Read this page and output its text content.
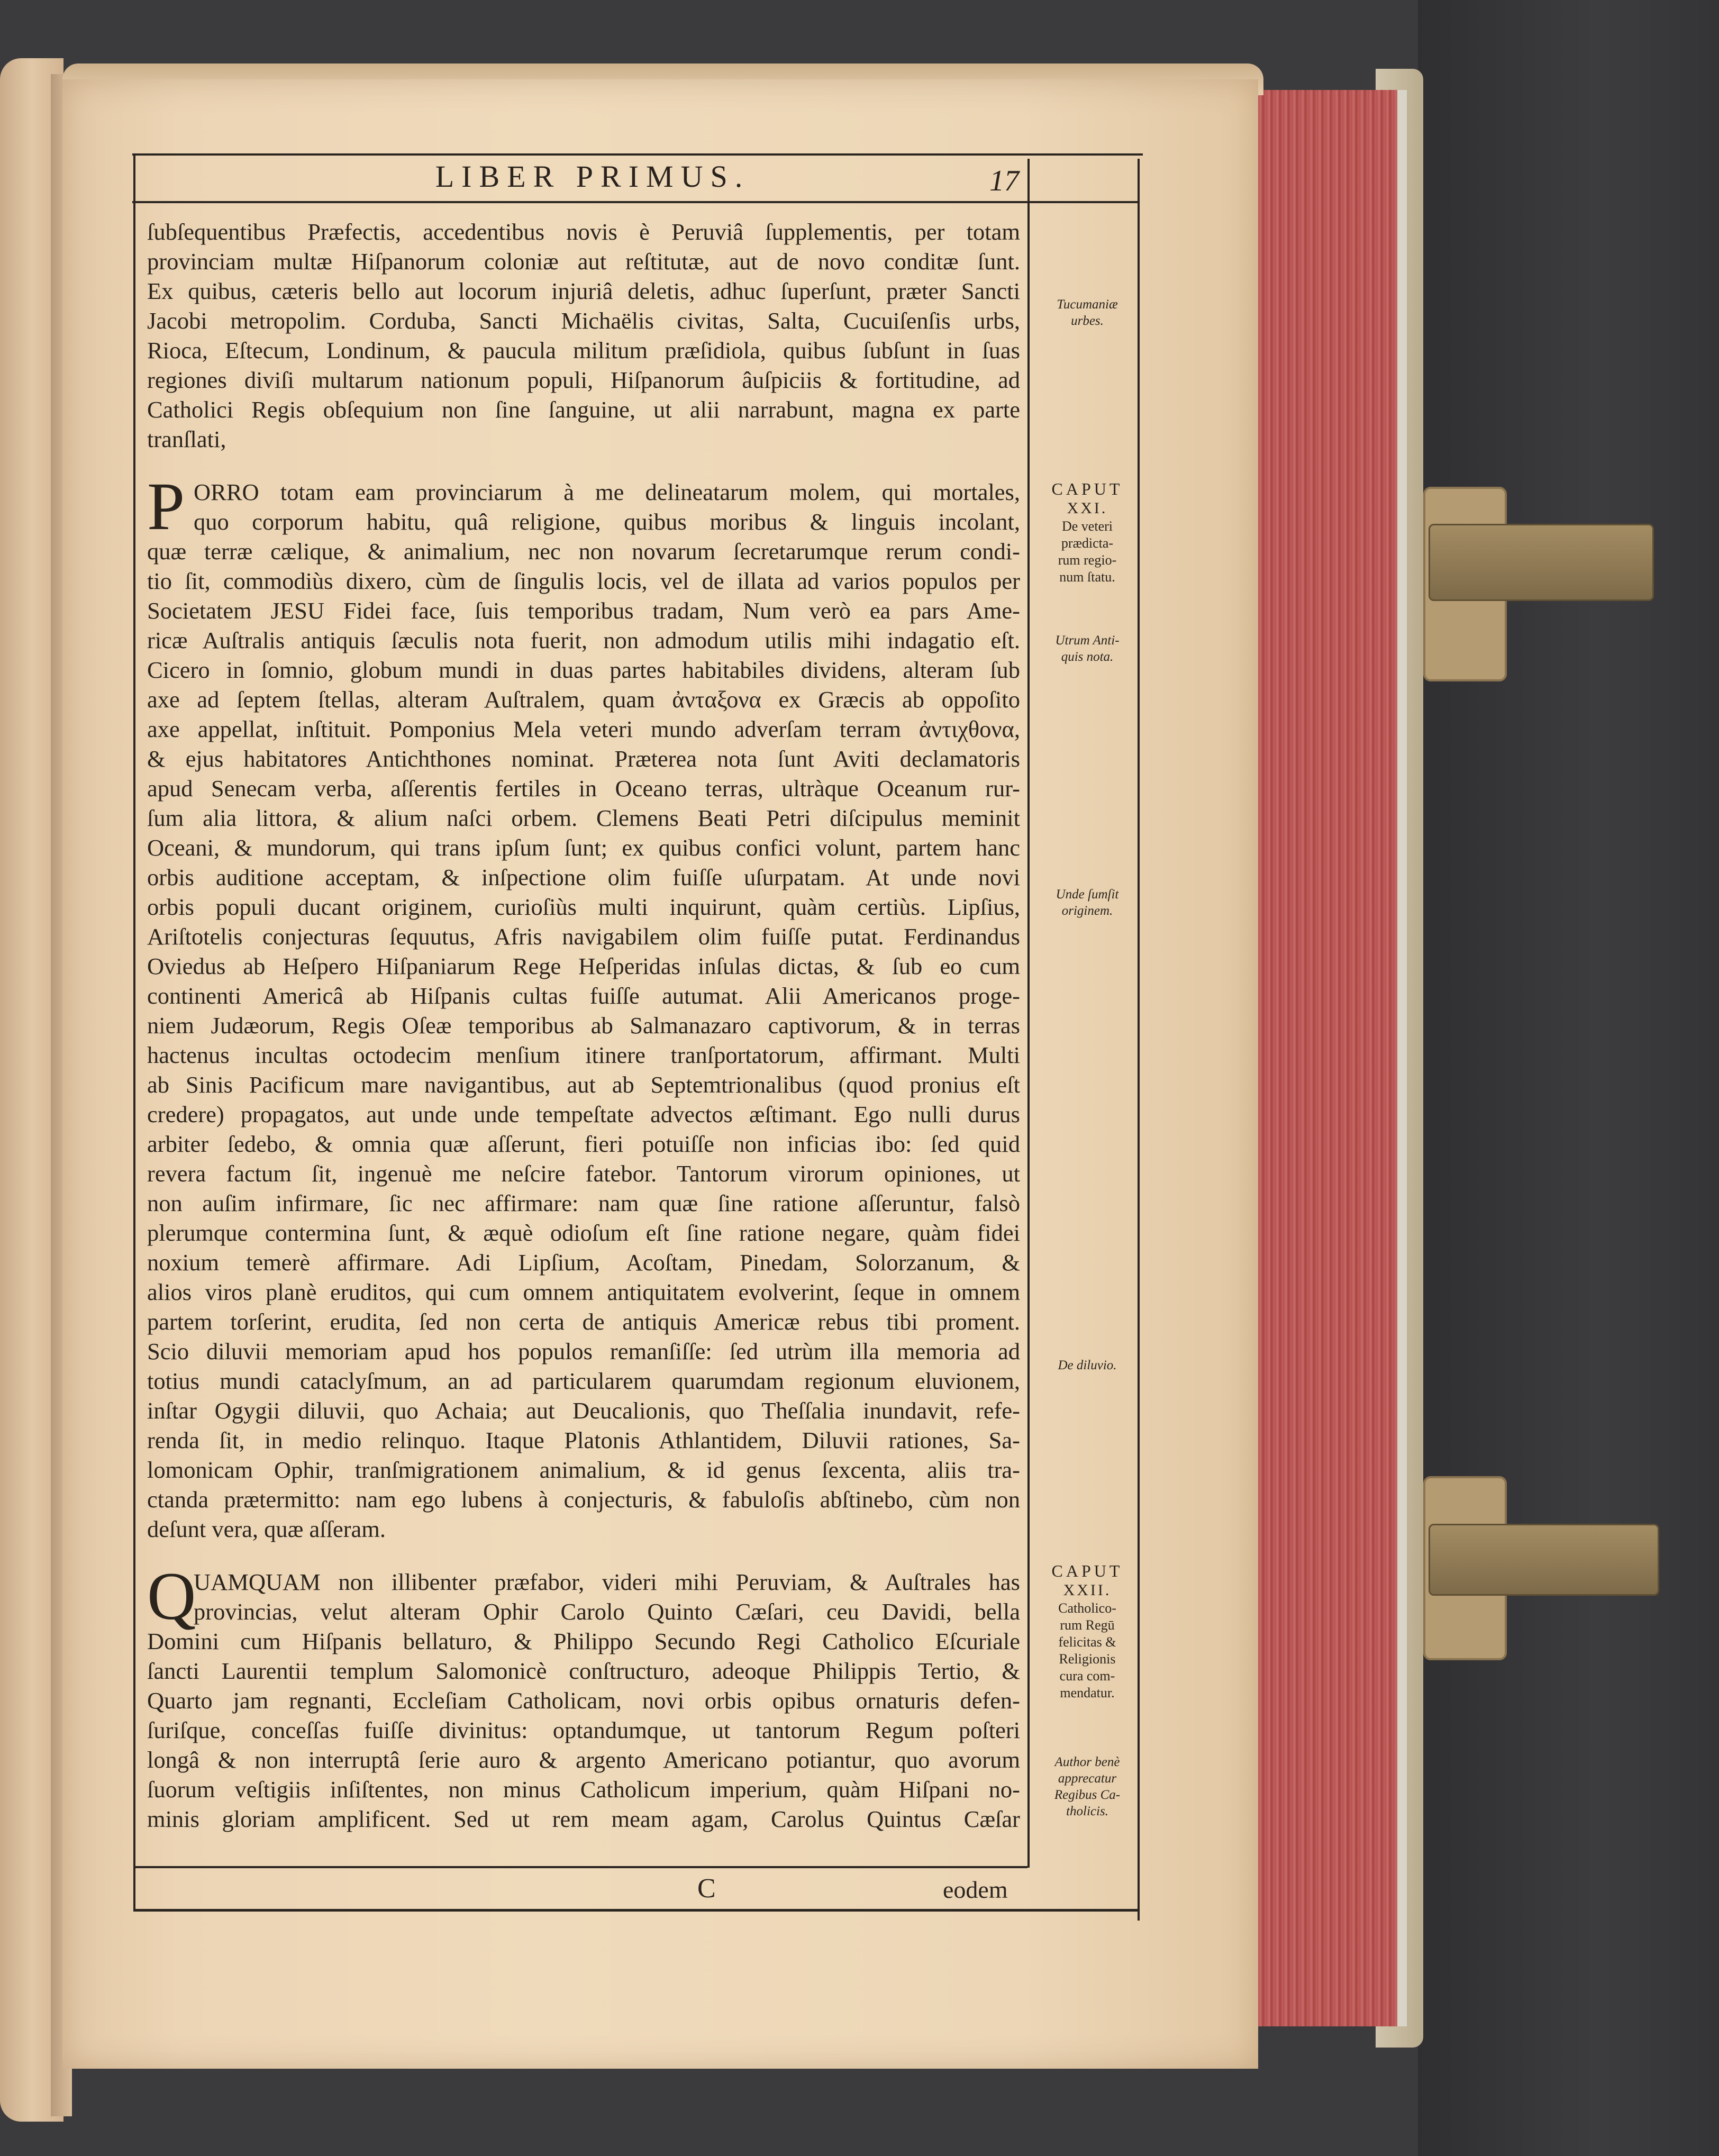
LIBER PRIMUS.	17
ſubſequentibus Præfectis, accedentibus novis è Peruviâ ſupplementis, per totam
provinciam multæ Hiſpanorum coloniæ aut reſtitutæ, aut de novo conditæ ſunt.
Ex quibus, cæteris bello aut locorum injuriâ deletis, adhuc ſuperſunt, præter Sancti
Jacobi metropolim. Corduba, Sancti Michaëlis civitas, Salta, Cucuiſenſis urbs,
Rioca, Eſtecum, Londinum, & paucula militum præſidiola, quibus ſubſunt in ſuas
regiones diviſi multarum nationum populi, Hiſpanorum âuſpiciis & fortitudine, ad
Catholici Regis obſequium non ſine ſanguine, ut alii narrabunt, magna ex parte
tranſlati,
P ORRO totam eam provinciarum à me delineatarum molem, qui mortales,
quo corporum habitu, quâ religione, quibus moribus & linguis incolant,
quæ terræ cælique, & animalium, nec non novarum ſecretarumque rerum condi-
tio ſit, commodiùs dixero, cùm de ſingulis locis, vel de illata ad varios populos per
Societatem JESU Fidei face, ſuis temporibus tradam, Num verò ea pars Ame-
ricæ Auſtralis antiquis ſæculis nota fuerit, non admodum utilis mihi indagatio eſt.
Cicero in ſomnio, globum mundi in duas partes habitabiles dividens, alteram ſub
axe ad ſeptem ſtellas, alteram Auſtralem, quam ἀνταξονα ex Græcis ab oppoſito
axe appellat, inſtituit. Pomponius Mela veteri mundo adverſam terram ἀντιχθονα,
& ejus habitatores Antichthones nominat. Præterea nota ſunt Aviti declamatoris
apud Senecam verba, aſſerentis fertiles in Oceano terras, ultràque Oceanum rur-
ſum alia littora, & alium naſci orbem. Clemens Beati Petri diſcipulus meminit
Oceani, & mundorum, qui trans ipſum ſunt; ex quibus confici volunt, partem hanc
orbis auditione acceptam, & inſpectione olim fuiſſe uſurpatam. At unde novi
orbis populi ducant originem, curioſiùs multi inquirunt, quàm certiùs. Lipſius,
Ariſtotelis conjecturas ſequutus, Afris navigabilem olim fuiſſe putat. Ferdinandus
Oviedus ab Heſpero Hiſpaniarum Rege Heſperidas inſulas dictas, & ſub eo cum
continenti Americâ ab Hiſpanis cultas fuiſſe autumat. Alii Americanos proge-
niem Judæorum, Regis Oſeæ temporibus ab Salmanazaro captivorum, & in terras
hactenus incultas octodecim menſium itinere tranſportatorum, affirmant. Multi
ab Sinis Pacificum mare navigantibus, aut ab Septemtrionalibus (quod pronius eſt
credere) propagatos, aut unde unde tempeſtate advectos æſtimant. Ego nulli durus
arbiter ſedebo, & omnia quæ aſſerunt, fieri potuiſſe non inficias ibo: ſed quid
revera factum ſit, ingenuè me neſcire fatebor. Tantorum virorum opiniones, ut
non auſim infirmare, ſic nec affirmare: nam quæ ſine ratione aſſeruntur, falsò
plerumque contermina ſunt, & æquè odioſum eſt ſine ratione negare, quàm fidei
noxium temerè affirmare. Adi Lipſium, Acoſtam, Pinedam, Solorzanum, &
alios viros planè eruditos, qui cum omnem antiquitatem evolverint, ſeque in omnem
partem torſerint, erudita, ſed non certa de antiquis Americæ rebus tibi proment.
Scio diluvii memoriam apud hos populos remanſiſſe: ſed utrùm illa memoria ad
totius mundi cataclyſmum, an ad particularem quarumdam regionum eluvionem,
inſtar Ogygii diluvii, quo Achaia; aut Deucalionis, quo Theſſalia inundavit, refe-
renda ſit, in medio relinquo. Itaque Platonis Athlantidem, Diluvii rationes, Sa-
lomonicam Ophir, tranſmigrationem animalium, & id genus ſexcenta, aliis tra-
ctanda prætermitto: nam ego lubens à conjecturis, & fabuloſis abſtinebo, cùm non
deſunt vera, quæ aſſeram.
Q
UAMQUAM non illibenter præfabor, videri mihi Peruviam, & Auſtrales has
provincias, velut alteram Ophir Carolo Quinto Cæſari, ceu Davidi, bella
Domini cum Hiſpanis bellaturo, & Philippo Secundo Regi Catholico Eſcuriale
ſancti Laurentii templum Salomonicè conſtructuro, adeoque Philippis Tertio, &
Quarto jam regnanti, Eccleſiam Catholicam, novi orbis opibus ornaturis defen-
ſuriſque, conceſſas fuiſſe divinitus: optandumque, ut tantorum Regum poſteri
longâ & non interruptâ ſerie auro & argento Americano potiantur, quo avorum
ſuorum veſtigiis inſiſtentes, non minus Catholicum imperium, quàm Hiſpani no-
minis gloriam amplificent. Sed ut rem meam agam, Carolus Quintus Cæſar
C	eodem
Tucumaniæ
urbes.
CAPUT
XXI.
De veteri
prædicta-
rum regio-
num ſtatu.
Utrum Anti-
quis nota.
Unde ſumſit
originem.
De diluvio.
CAPUT
XXII.
Catholico-
rum Regū
felicitas &
Religionis
cura com-
mendatur.
Author benè
apprecatur
Regibus Ca-
tholicis.
